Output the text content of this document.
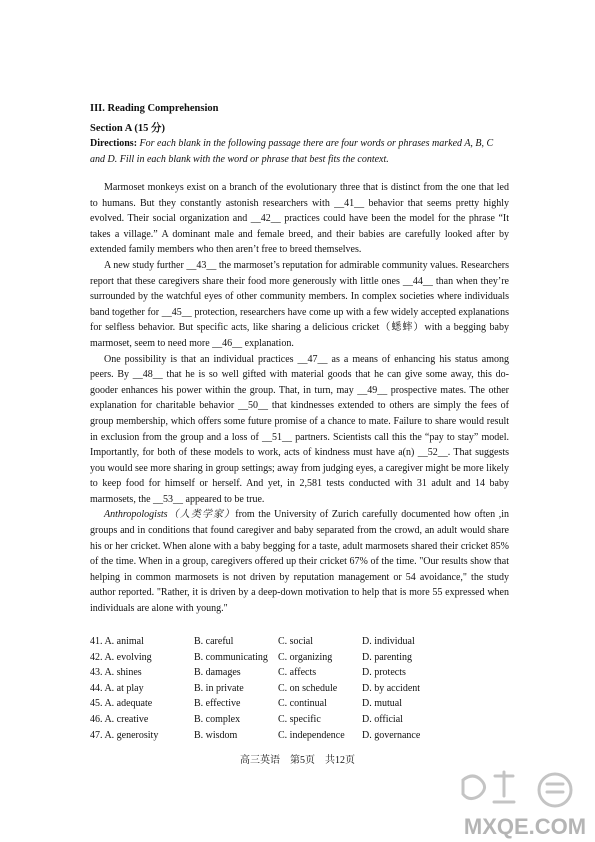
III. Reading Comprehension
Section A (15 分)
Directions: For each blank in the following passage there are four words or phrases marked A, B, C and D. Fill in each blank with the word or phrase that best fits the context.

Marmoset monkeys exist on a branch of the evolutionary three that is distinct from the one that led to humans. But they constantly astonish researchers with __41__ behavior that seems pretty highly evolved. Their social organization and __42__ practices could have been the model for the phrase “It takes a village.” A dominant male and female breed, and their babies are carefully looked after by extended family members who then aren’t free to breed themselves.

A new study further __43__ the marmoset’s reputation for admirable community values. Researchers report that these caregivers share their food more generously with little ones __44__ than when they’re surrounded by the watchful eyes of other community members. In complex societies where individuals band together for __45__ protection, researchers have come up with a few widely accepted explanations for selfless behavior. But specific acts, like sharing a delicious cricket（蟋蟀）with a begging baby marmoset, seem to need more __46__ explanation.

One possibility is that an individual practices __47__ as a means of enhancing his status among peers. By __48__ that he is so well gifted with material goods that he can give some away, this do-gooder enhances his power within the group. That, in turn, may __49__ prospective mates. The other explanation for charitable behavior __50__ that kindnesses extended to others are simply the fees of group membership, which offers some future promise of a chance to mate. Failure to share would result in exclusion from the group and a loss of __51__ partners. Scientists call this the “pay to stay” model. Importantly, for both of these models to work, acts of kindness must have a(n) __52__. That suggests you would see more sharing in group settings; away from judging eyes, a caregiver might be more likely to keep food for himself or herself. And yet, in 2,581 tests conducted with 31 adult and 14 baby marmosets, the __53__ appeared to be true.

Anthropologists（人类学家）from the University of Zurich carefully documented how often ,in groups and in conditions that found caregiver and baby separated from the crowd, an adult would share his or her cricket. When alone with a baby begging for a taste, adult marmosets shared their cricket 85% of the time. When in a group, caregivers offered up their cricket 67% of the time. "Our results show that helping in common marmosets is not driven by reputation management or 54 avoidance," the study author reported. "Rather, it is driven by a deep-down motivation to help that is more 55 expressed when individuals are alone with young."

41. A. animal	B. careful	C. social	D. individual
42. A. evolving	B. communicating	C. organizing	D. parenting
43. A. shines	B. damages	C. affects	D. protects
44. A. at play	B. in private	C. on schedule	D. by accident
45. A. adequate	B. effective	C. continual	D. mutual
46. A. creative	B. complex	C. specific	D. official
47. A. generosity	B. wisdom	C. independence	D. governance
高三英语　第5页　共12页
MXQE.COM
